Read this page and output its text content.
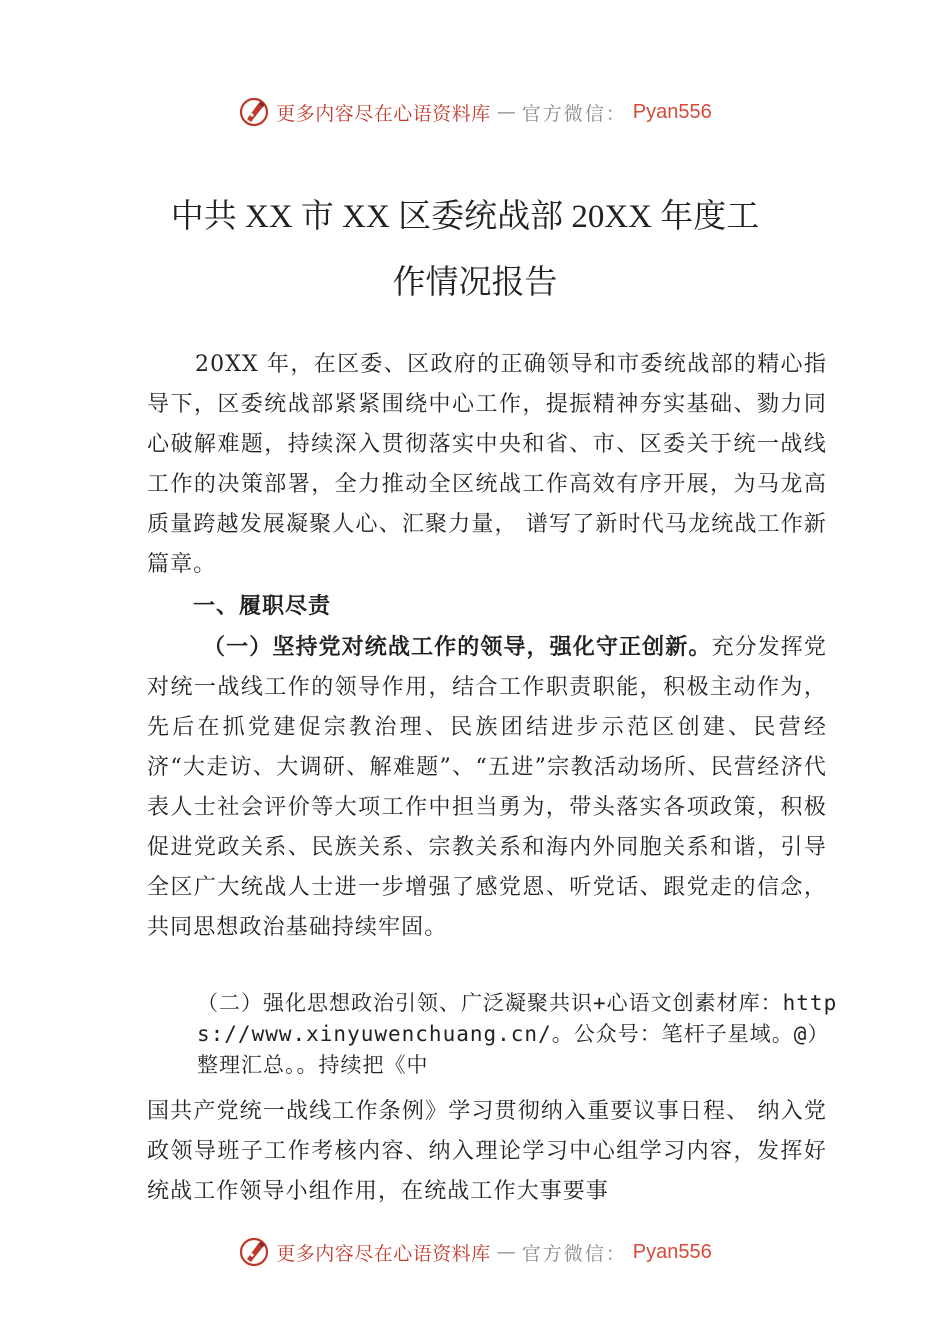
更多内容尽在心语资料库 — 官方微信： Pyan556
中共 XX 市 XX 区委统战部 20XX 年度工
作情况报告

20XX 年，在区委、区政府的正确领导和市委统战部的精心指导下，区委统战部紧紧围绕中心工作，提振精神夯实基础、勠力同心破解难题，持续深入贯彻落实中央和省、市、区委关于统一战线工作的决策部署，全力推动全区统战工作高效有序开展，为马龙高质量跨越发展凝聚人心、汇聚力量， 谱写了新时代马龙统战工作新篇章。

一、履职尽责

（一）坚持党对统战工作的领导，强化守正创新。充分发挥党对统一战线工作的领导作用，结合工作职责职能，积极主动作为，先后在抓党建促宗教治理、民族团结进步示范区创建、民营经济“大走访、大调研、解难题”、“五进”宗教活动场所、民营经济代表人士社会评价等大项工作中担当勇为，带头落实各项政策，积极促进党政关系、民族关系、宗教关系和海内外同胞关系和谐，引导全区广大统战人士进一步增强了感党恩、听党话、跟党走的信念，共同思想政治基础持续牢固。

（二）强化思想政治引领、广泛凝聚共识+心语文创素材库：https://www.xinyuwenchuang.cn/。公众号：笔杆子星域。@）整理汇总。。持续把《中

国共产党统一战线工作条例》学习贯彻纳入重要议事日程、 纳入党政领导班子工作考核内容、纳入理论学习中心组学习内容，发挥好统战工作领导小组作用，在统战工作大事要事

更多内容尽在心语资料库 — 官方微信： Pyan556
